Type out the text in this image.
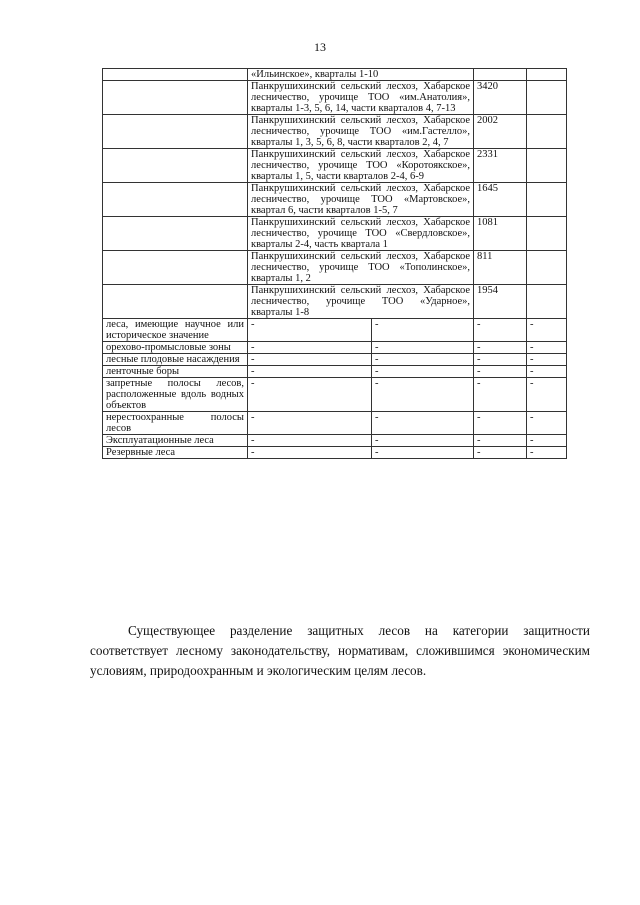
13
	«Ильинское», кварталы 1-10			
	Панкрушихинский сельский лесхоз, Хабарское лесничество, урочище ТОО «им.Анатолия», кварталы 1-3, 5, 6, 14, части кварталов 4, 7-13		3420	
	Панкрушихинский сельский лесхоз, Хабарское лесничество, урочище ТОО «им.Гастелло», кварталы 1, 3, 5, 6, 8, части кварталов 2, 4, 7		2002	
	Панкрушихинский сельский лесхоз, Хабарское лесничество, урочище ТОО «Коротоякское», кварталы 1, 5, части кварталов 2-4, 6-9		2331	
	Панкрушихинский сельский лесхоз, Хабарское лесничество, урочище ТОО «Мартовское», квартал 6, части кварталов 1-5, 7		1645	
	Панкрушихинский сельский лесхоз, Хабарское лесничество, урочище ТОО «Свердловское», кварталы 2-4, часть квартала 1		1081	
	Панкрушихинский сельский лесхоз, Хабарское лесничество, урочище ТОО «Тополинское», кварталы 1, 2		811	
	Панкрушихинский сельский лесхоз, Хабарское лесничество, урочище ТОО «Ударное», кварталы 1-8		1954	
леса, имеющие научное или историческое значение	-	-	-	-
орехово-промысловые зоны	-	-	-	-
лесные плодовые насаждения	-	-	-	-
ленточные боры	-	-	-	-
запретные полосы лесов, расположенные вдоль водных объектов	-	-	-	-
нерестоохранные полосы лесов	-	-	-	-
Эксплуатационные леса	-	-	-	-
Резервные леса	-	-	-	-
Существующее разделение защитных лесов на категории защитности соответствует лесному законодательству, нормативам, сложившимся экономическим условиям, природоохранным и экологическим целям лесов.
